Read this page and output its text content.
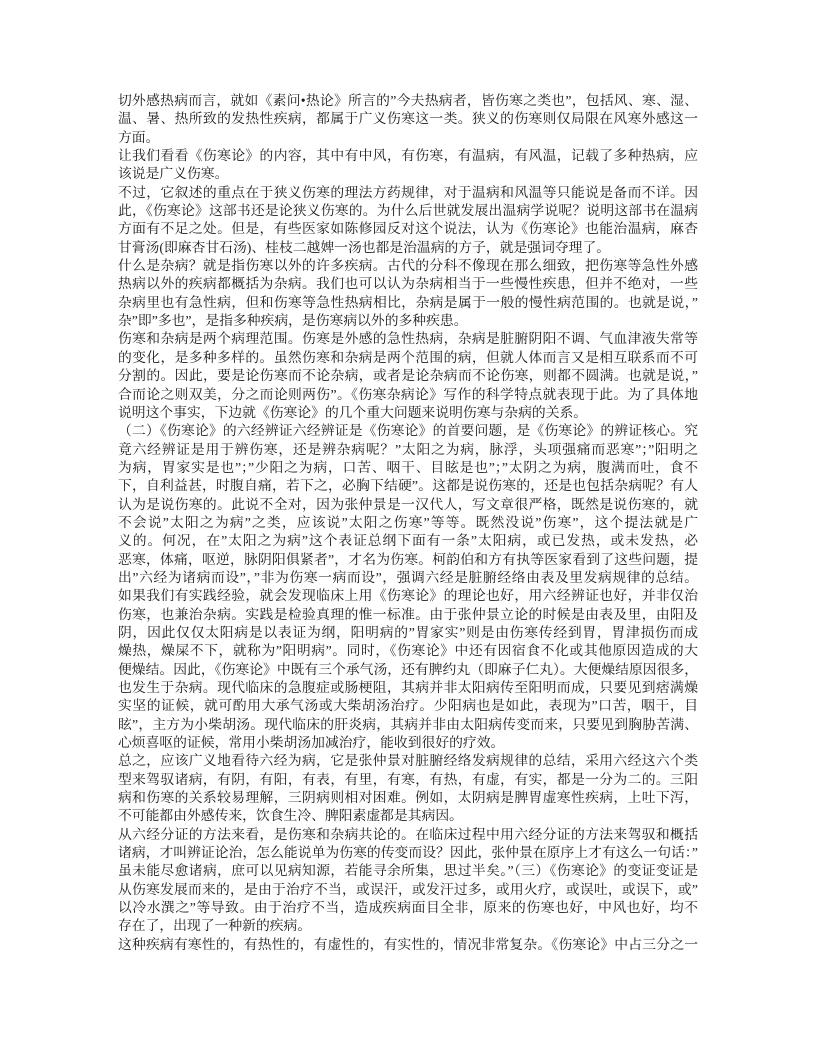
切外感热病而言，就如《素问•热论》所言的”今夫热病者，皆伤寒之类也”，包括风、寒、湿、
温、暑、热所致的发热性疾病，都属于广义伤寒这一类。狭义的伤寒则仅局限在风寒外感这一
方面。
让我们看看《伤寒论》的内容，其中有中风，有伤寒，有温病，有风温，记载了多种热病，应
该说是广义伤寒。
不过，它叙述的重点在于狭义伤寒的理法方药规律，对于温病和风温等只能说是备而不详。因
此，《伤寒论》这部书还是论狭义伤寒的。为什么后世就发展出温病学说呢？说明这部书在温病
方面有不足之处。但是，有些医家如陈修园反对这个说法，认为《伤寒论》也能治温病，麻杏
甘膏汤(即麻杏甘石汤)、桂枝二越婢一汤也都是治温病的方子，就是强词夺理了。
什么是杂病？就是指伤寒以外的许多疾病。古代的分科不像现在那么细致，把伤寒等急性外感
热病以外的疾病都概括为杂病。我们也可以认为杂病相当于一些慢性疾患，但并不绝对，一些
杂病里也有急性病，但和伤寒等急性热病相比，杂病是属于一般的慢性病范围的。也就是说，”
杂”即”多也”，是指多种疾病，是伤寒病以外的多种疾患。
伤寒和杂病是两个病理范围。伤寒是外感的急性热病，杂病是脏腑阴阳不调、气血津液失常等
的变化，是多种多样的。虽然伤寒和杂病是两个范围的病，但就人体而言又是相互联系而不可
分割的。因此，要是论伤寒而不论杂病，或者是论杂病而不论伤寒，则都不圆满。也就是说，”
合而论之则双美，分之而论则两伤”。《伤寒杂病论》写作的科学特点就表现于此。为了具体地
说明这个事实，下边就《伤寒论》的几个重大问题来说明伤寒与杂病的关系。
（二）《伤寒论》的六经辨证六经辨证是《伤寒论》的首要问题，是《伤寒论》的辨证核心。究
竟六经辨证是用于辨伤寒，还是辨杂病呢？”太阳之为病，脉浮，头项强痛而恶寒”；”阳明之
为病，胃家实是也”；”少阳之为病，口苦、咽干、目眩是也”；”太阴之为病，腹满而吐，食不
下，自利益甚，时腹自痛，若下之，必胸下结硬”。这都是说伤寒的，还是也包括杂病呢？有人
认为是说伤寒的。此说不全对，因为张仲景是一汉代人，写文章很严格，既然是说伤寒的，就
不会说”太阳之为病”之类，应该说”太阳之伤寒”等等。既然没说”伤寒”，这个提法就是广
义的。何况，在”太阳之为病”这个表证总纲下面有一条”太阳病，或已发热，或未发热，必
恶寒，体痛，呕逆，脉阴阳俱紧者”，才名为伤寒。柯韵伯和方有执等医家看到了这些问题，提
出”六经为诸病而设”，”非为伤寒一病而设”，强调六经是脏腑经络由表及里发病规律的总结。
如果我们有实践经验，就会发现临床上用《伤寒论》的理论也好，用六经辨证也好，并非仅治
伤寒，也兼治杂病。实践是检验真理的惟一标准。由于张仲景立论的时候是由表及里，由阳及
阴，因此仅仅太阳病是以表证为纲，阳明病的”胃家实”则是由伤寒传经到胃，胃津损伤而成
燥热，燥屎不下，就称为”阳明病”。同时，《伤寒论》中还有因宿食不化或其他原因造成的大
便燥结。因此，《伤寒论》中既有三个承气汤，还有脾约丸（即麻子仁丸）。大便燥结原因很多，
也发生于杂病。现代临床的急腹症或肠梗阻，其病并非太阳病传至阳明而成，只要见到痞满燥
实坚的证候，就可酌用大承气汤或大柴胡汤治疗。少阳病也是如此，表现为”口苦，咽干，目
眩”，主方为小柴胡汤。现代临床的肝炎病，其病并非由太阳病传变而来，只要见到胸胁苦满、
心烦喜呕的证候，常用小柴胡汤加减治疗，能收到很好的疗效。
总之，应该广义地看待六经为病，它是张仲景对脏腑经络发病规律的总结，采用六经这六个类
型来驾驭诸病，有阴，有阳，有表，有里，有寒，有热，有虚，有实，都是一分为二的。三阳
病和伤寒的关系较易理解，三阴病则相对困难。例如，太阴病是脾胃虚寒性疾病，上吐下泻，
不可能都由外感传来，饮食生冷、脾阳素虚都是其病因。
从六经分证的方法来看，是伤寒和杂病共论的。在临床过程中用六经分证的方法来驾驭和概括
诸病，才叫辨证论治，怎么能说单为伤寒的传变而设？因此，张仲景在原序上才有这么一句话：”
虽未能尽愈诸病，庶可以见病知源，若能寻余所集，思过半矣。”（三）《伤寒论》的变证变证是
从伤寒发展而来的，是由于治疗不当，或误汗，或发汗过多，或用火疗，或误吐，或误下，或”
以冷水潠之”等导致。由于治疗不当，造成疾病面目全非，原来的伤寒也好，中风也好，均不
存在了，出现了一种新的疾病。
这种疾病有寒性的，有热性的，有虚性的，有实性的，情况非常复杂。《伤寒论》中占三分之一
